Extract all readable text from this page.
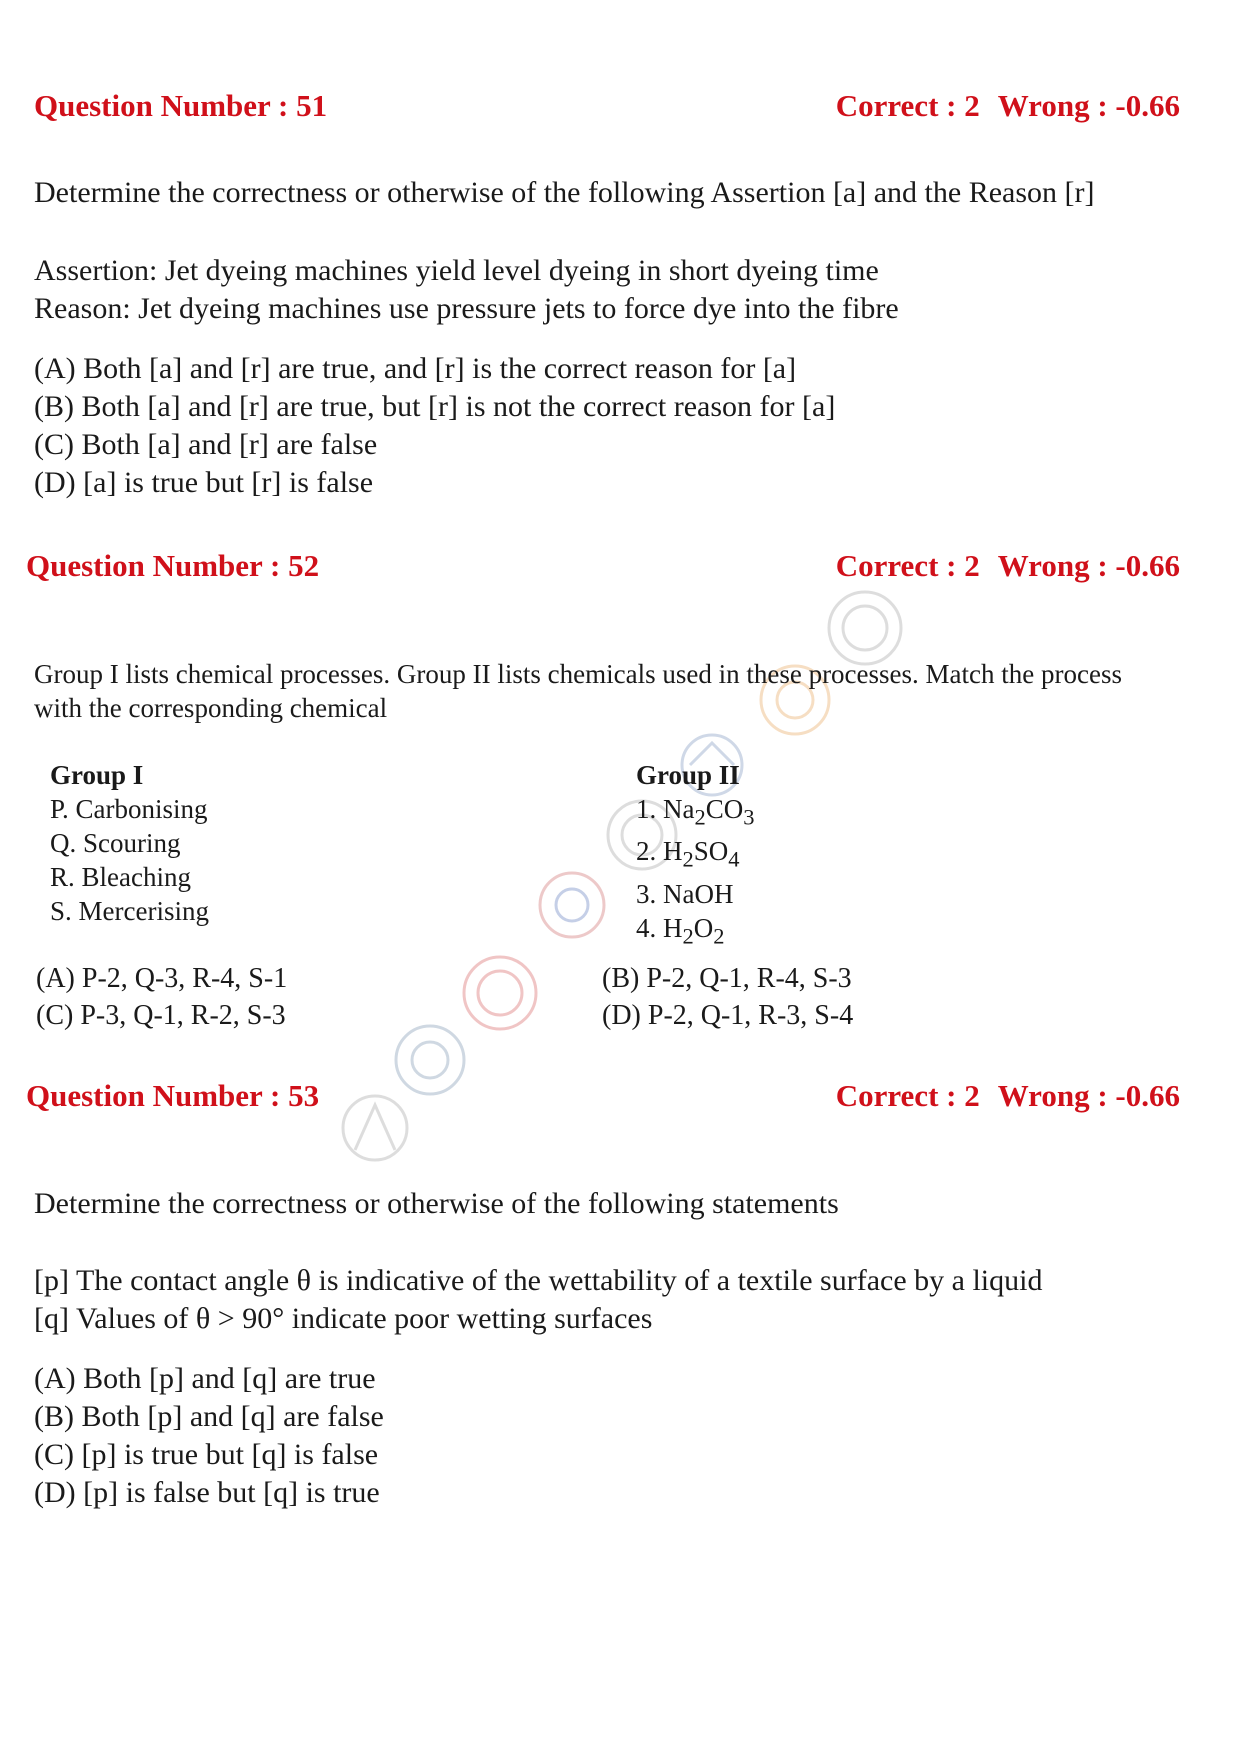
Question Number : 51	Correct : 2 Wrong : -0.66
Determine the correctness or otherwise of the following Assertion [a] and the Reason [r]
Assertion: Jet dyeing machines yield level dyeing in short dyeing time
Reason: Jet dyeing machines use pressure jets to force dye into the fibre
(A) Both [a] and [r] are true, and [r] is the correct reason for [a]
(B) Both [a] and [r] are true, but [r] is not the correct reason for [a]
(C) Both [a] and [r] are false
(D) [a] is true but [r] is false
Question Number : 52	Correct : 2 Wrong : -0.66
Group I lists chemical processes. Group II lists chemicals used in these processes. Match the process
with the corresponding chemical
Group I
P. Carbonising
Q. Scouring
R. Bleaching
S. Mercerising
Group II
1. $Na_2CO_3$
2. $H_2SO_4$
3. NaOH
4. $H_2O_2$
(A) P-2, Q-3, R-4, S-1
(C) P-3, Q-1, R-2, S-3
(B) P-2, Q-1, R-4, S-3
(D) P-2, Q-1, R-3, S-4
Question Number : 53	Correct : 2 Wrong : -0.66
Determine the correctness or otherwise of the following statements
[p] The contact angle θ is indicative of the wettability of a textile surface by a liquid
[q] Values of θ > 90° indicate poor wetting surfaces
(A) Both [p] and [q] are true
(B) Both [p] and [q] are false
(C) [p] is true but [q] is false
(D) [p] is false but [q] is true
